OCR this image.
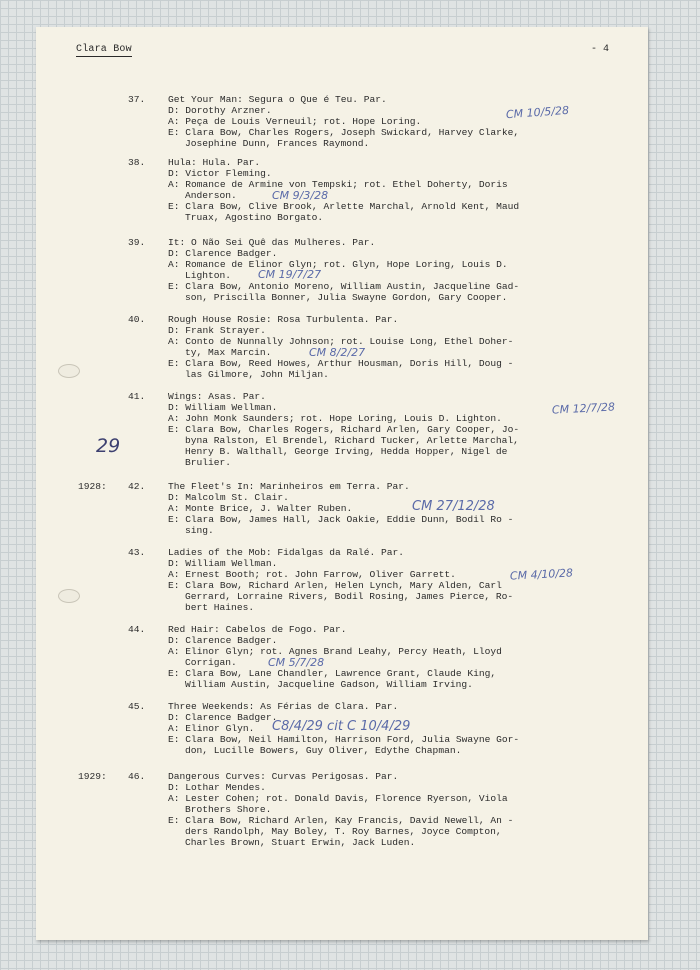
Clara Bow	- 4
29
37. Get Your Man: Segura o Que é Teu. Par.
D: Dorothy Arzner.
A: Peça de Louis Verneuil; rot. Hope Loring.
E: Clara Bow, Charles Rogers, Joseph Swickard, Harvey Clarke,
Josephine Dunn, Frances Raymond.
CM 10/5/28
38. Hula: Hula. Par.
D: Victor Fleming.
A: Romance de Armine von Tempski; rot. Ethel Doherty, Doris
Anderson.
E: Clara Bow, Clive Brook, Arlette Marchal, Arnold Kent, Maud
Truax, Agostino Borgato.
CM 9/3/28
39. It: O Não Sei Quê das Mulheres. Par.
D: Clarence Badger.
A: Romance de Elinor Glyn; rot. Glyn, Hope Loring, Louis D.
Lighton.
E: Clara Bow, Antonio Moreno, William Austin, Jacqueline Gad-
son, Priscilla Bonner, Julia Swayne Gordon, Gary Cooper.
CM 19/7/27
40. Rough House Rosie: Rosa Turbulenta. Par.
D: Frank Strayer.
A: Conto de Nunnally Johnson; rot. Louise Long, Ethel Doher-
ty, Max Marcin.
E: Clara Bow, Reed Howes, Arthur Housman, Doris Hill, Doug -
las Gilmore, John Miljan.
CM 8/2/27
41. Wings: Asas. Par.
D: William Wellman.
A: John Monk Saunders; rot. Hope Loring, Louis D. Lighton.
E: Clara Bow, Charles Rogers, Richard Arlen, Gary Cooper, Jo-
byna Ralston, El Brendel, Richard Tucker, Arlette Marchal,
Henry B. Walthall, George Irving, Hedda Hopper, Nigel de
Brulier.
CM 12/7/28
1928: 42. The Fleet's In: Marinheiros em Terra. Par.
D: Malcolm St. Clair.
A: Monte Brice, J. Walter Ruben.
E: Clara Bow, James Hall, Jack Oakie, Eddie Dunn, Bodil Ro -
sing.
CM 27/12/28
43. Ladies of the Mob: Fidalgas da Ralé. Par.
D: William Wellman.
A: Ernest Booth; rot. John Farrow, Oliver Garrett.
E: Clara Bow, Richard Arlen, Helen Lynch, Mary Alden, Carl
Gerrard, Lorraine Rivers, Bodil Rosing, James Pierce, Ro-
bert Haines.
CM 4/10/28
44. Red Hair: Cabelos de Fogo. Par.
D: Clarence Badger.
A: Elinor Glyn; rot. Agnes Brand Leahy, Percy Heath, Lloyd
Corrigan.
E: Clara Bow, Lane Chandler, Lawrence Grant, Claude King,
William Austin, Jacqueline Gadson, William Irving.
CM 5/7/28
45. Three Weekends: As Férias de Clara. Par.
D: Clarence Badger.
A: Elinor Glyn.
E: Clara Bow, Neil Hamilton, Harrison Ford, Julia Swayne Gor-
don, Lucille Bowers, Guy Oliver, Edythe Chapman.
C8/4/29 cit C 10/4/29
1929: 46. Dangerous Curves: Curvas Perigosas. Par.
D: Lothar Mendes.
A: Lester Cohen; rot. Donald Davis, Florence Ryerson, Viola
Brothers Shore.
E: Clara Bow, Richard Arlen, Kay Francis, David Newell, An -
ders Randolph, May Boley, T. Roy Barnes, Joyce Compton,
Charles Brown, Stuart Erwin, Jack Luden.
